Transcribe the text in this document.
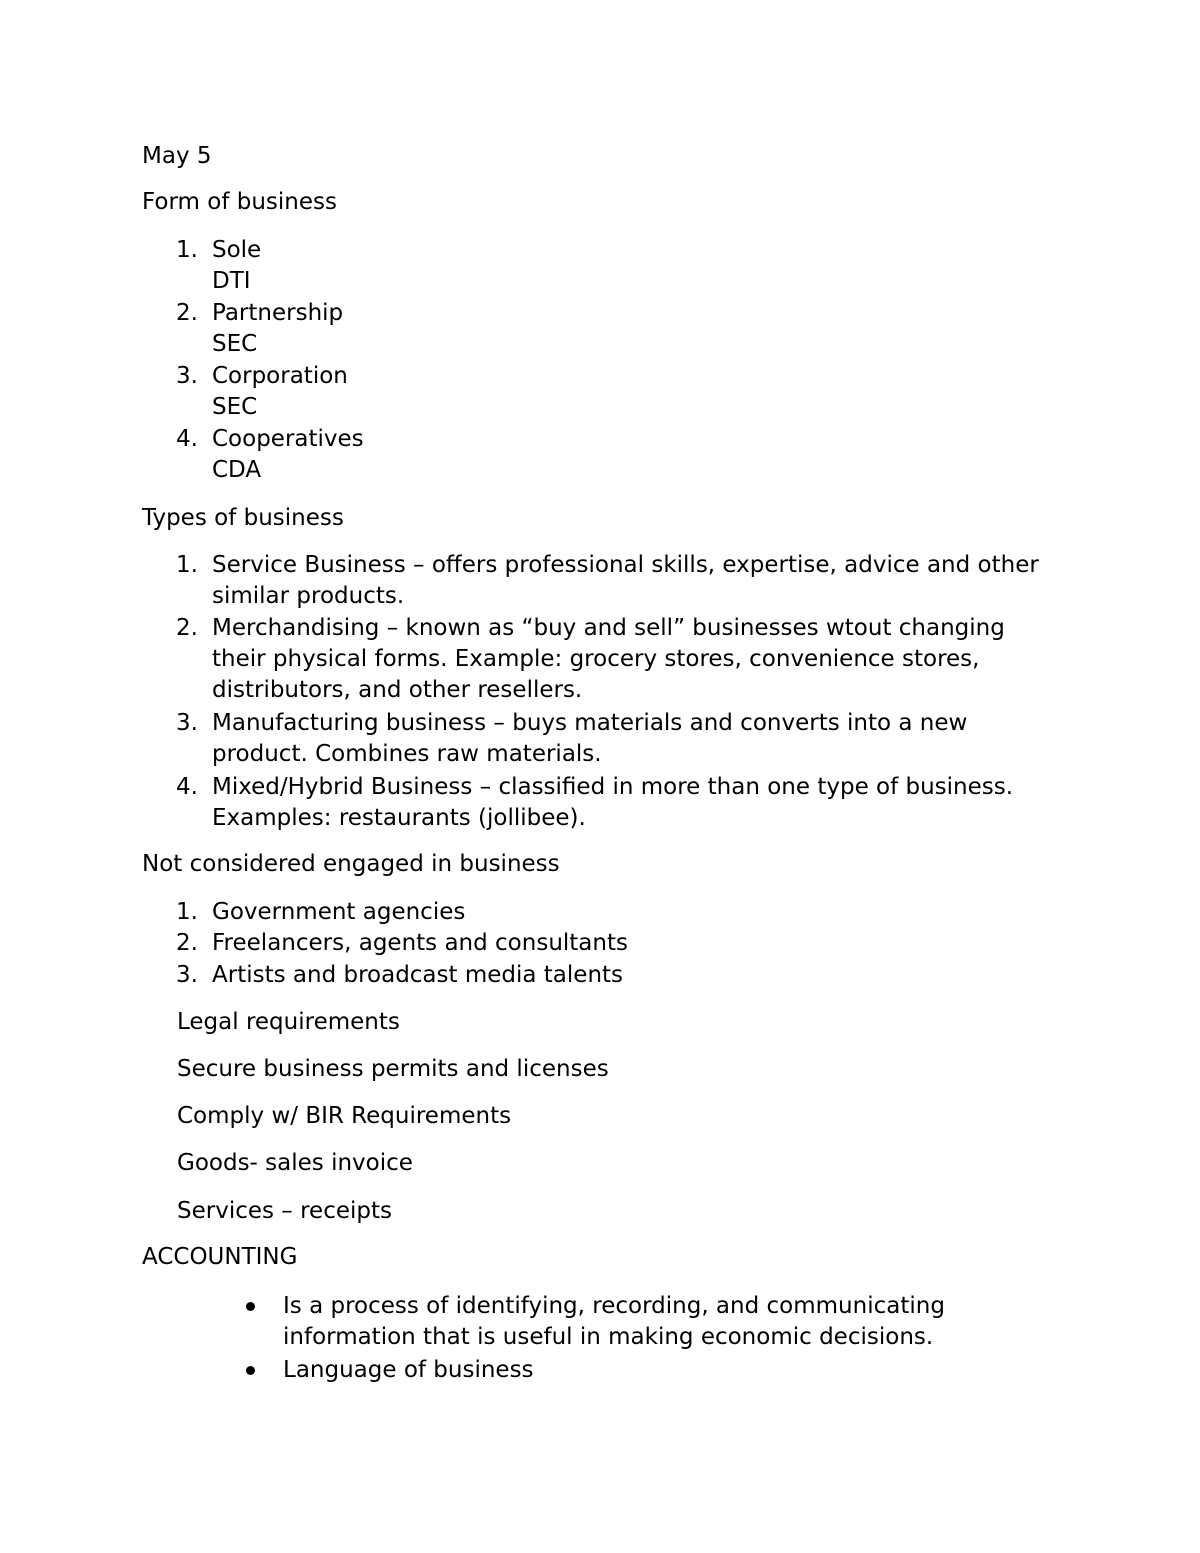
May 5
Form of business
1. Sole
DTI
2. Partnership
SEC
3. Corporation
SEC
4. Cooperatives
CDA
Types of business
1. Service Business – offers professional skills, expertise, advice and other
similar products.
2. Merchandising – known as “buy and sell” businesses wtout changing
their physical forms. Example: grocery stores, convenience stores,
distributors, and other resellers.
3. Manufacturing business – buys materials and converts into a new
product. Combines raw materials.
4. Mixed/Hybrid Business – classified in more than one type of business.
Examples: restaurants (jollibee).
Not considered engaged in business
1. Government agencies
2. Freelancers, agents and consultants
3. Artists and broadcast media talents
Legal requirements
Secure business permits and licenses
Comply w/ BIR Requirements
Goods- sales invoice
Services – receipts
ACCOUNTING
Is a process of identifying, recording, and communicating
information that is useful in making economic decisions.
Language of business
